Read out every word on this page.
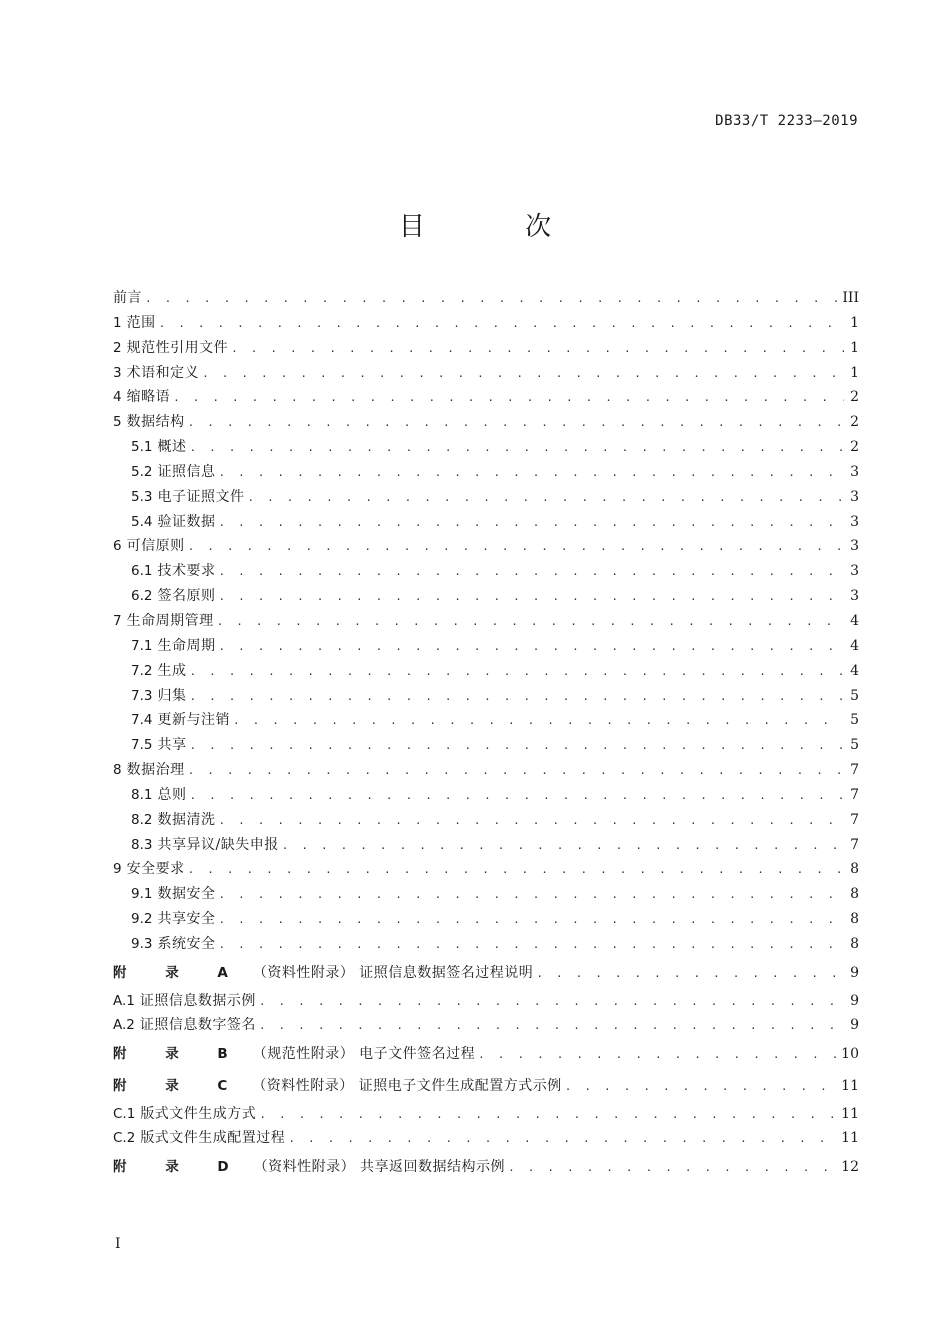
DB33/T 2233—2019
目 次
前言 . . .	III
1 范围 . . .	1
2 规范性引用文件 . . .	1
3 术语和定义 . . .	1
4 缩略语 . . .	2
5 数据结构 . . .	2
5.1 概述 . . .	2
5.2 证照信息 . . .	3
5.3 电子证照文件 . . .	3
5.4 验证数据 . . .	3
6 可信原则 . . .	3
6.1 技术要求 . . .	3
6.2 签名原则 . . .	3
7 生命周期管理 . . .	4
7.1 生命周期 . . .	4
7.2 生成 . . .	4
7.3 归集 . . .	5
7.4 更新与注销 . . .	5
7.5 共享 . . .	5
8 数据治理 . . .	7
8.1 总则 . . .	7
8.2 数据清洗 . . .	7
8.3 共享异议/缺失申报 . . .	7
9 安全要求 . . .	8
9.1 数据安全 . . .	8
9.2 共享安全 . . .	8
9.3 系统安全 . . .	8
附 录 A （资料性附录） 证照信息数据签名过程说明 . . .	9
A.1 证照信息数据示例 . . .	9
A.2 证照信息数字签名 . . .	9
附 录 B （规范性附录） 电子文件签名过程 . . .	10
附 录 C （资料性附录） 证照电子文件生成配置方式示例 . . .	11
C.1 版式文件生成方式 . . .	11
C.2 版式文件生成配置过程 . . .	11
附 录 D （资料性附录） 共享返回数据结构示例 . . .	12
I
